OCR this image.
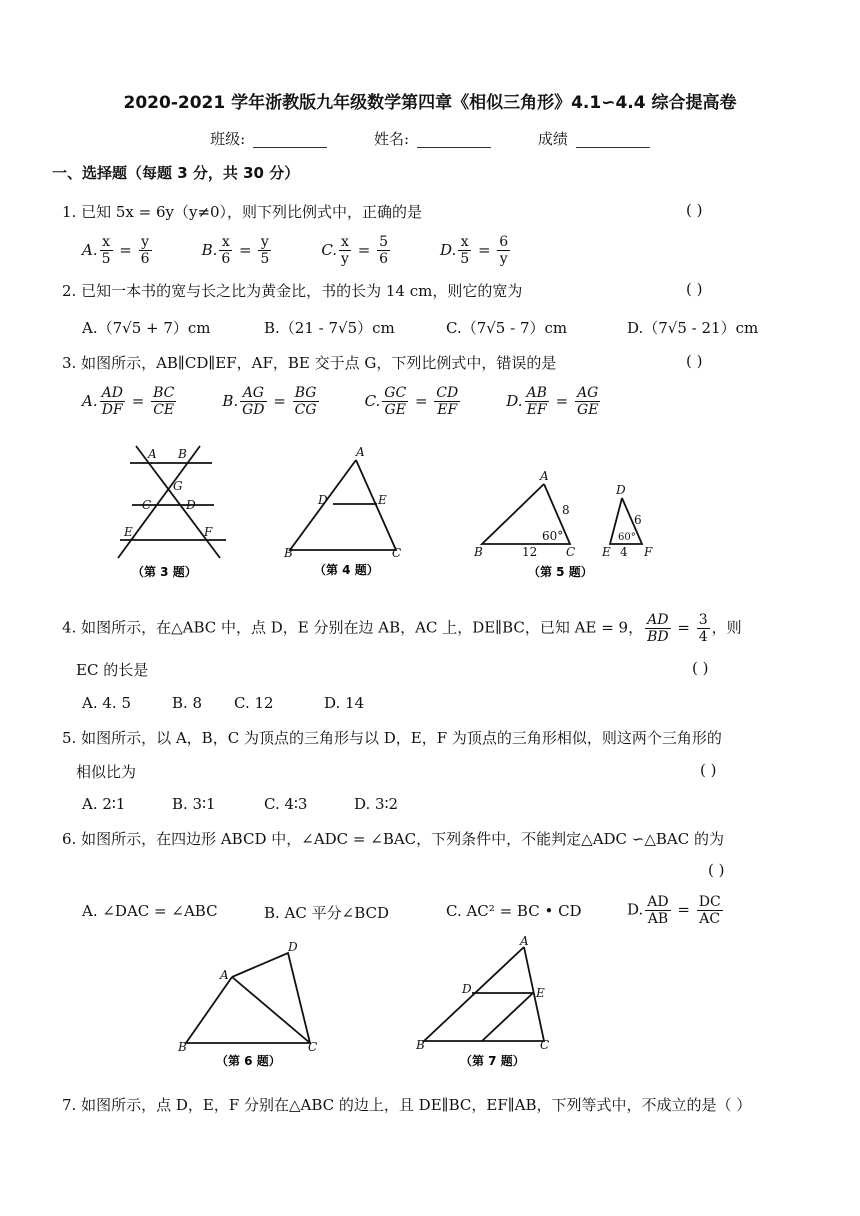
2020-2021 学年浙教版九年级数学第四章《相似三角形》4.1∽4.4 综合提高卷
班级:	姓名:	成绩
一、选择题（每题 3 分，共 30 分）
1. 已知 5x = 6y（y≠0），则下列比例式中，正确的是	( )
A. $\frac{x}{5} = \frac{y}{6}$	B. $\frac{x}{6} = \frac{y}{5}$	C. $\frac{x}{y} = \frac{5}{6}$	D. $\frac{x}{5} = \frac{6}{y}$
2. 已知一本书的宽与长之比为黄金比，书的长为 14 cm，则它的宽为	( )
A.（7√5 + 7）cm	B.（21 - 7√5）cm	C.（7√5 - 7）cm	D.（7√5 - 21）cm
3. 如图所示，AB∥CD∥EF，AF，BE 交于点 G，下列比例式中，错误的是	( )
A. $\frac{AD}{DF} = \frac{BC}{CE}$	B. $\frac{AG}{GD} = \frac{BG}{CG}$	C. $\frac{GC}{GE} = \frac{CD}{EF}$	D. $\frac{AB}{EF} = \frac{AG}{GE}$
A B
G
C	D
E	F
（第 3 题）
A
D	E
B	C
（第 4 题）
A
B	C
8
12
60°
D
E	F
6
4
60°
（第 5 题）
4. 如图所示，在△ABC 中，点 D，E 分别在边 AB，AC 上，DE∥BC，已知 AE = 9， $\frac{AD}{BD} = \frac{3}{4}$ ，则
EC 的长是	( )
A. 4. 5	B. 8 C. 12	D. 14
5. 如图所示，以 A，B，C 为顶点的三角形与以 D，E，F 为顶点的三角形相似，则这两个三角形的
相似比为	( )
A. 2∶1	B. 3∶1	C. 4∶3	D. 3∶2
6. 如图所示，在四边形 ABCD 中，∠ADC = ∠BAC，下列条件中，不能判定△ADC ∽△BAC 的为
( )
A. ∠DAC = ∠ABC	B. AC 平分∠BCD	C. AC² = BC • CD	D. $\frac{AD}{AB} = \frac{DC}{AC}$
A
D
B	C
（第 6 题）
A
D	E
B	C
（第 7 题）
7. 如图所示，点 D，E，F 分别在△ABC 的边上，且 DE∥BC，EF∥AB，下列等式中，不成立的是（ ）
